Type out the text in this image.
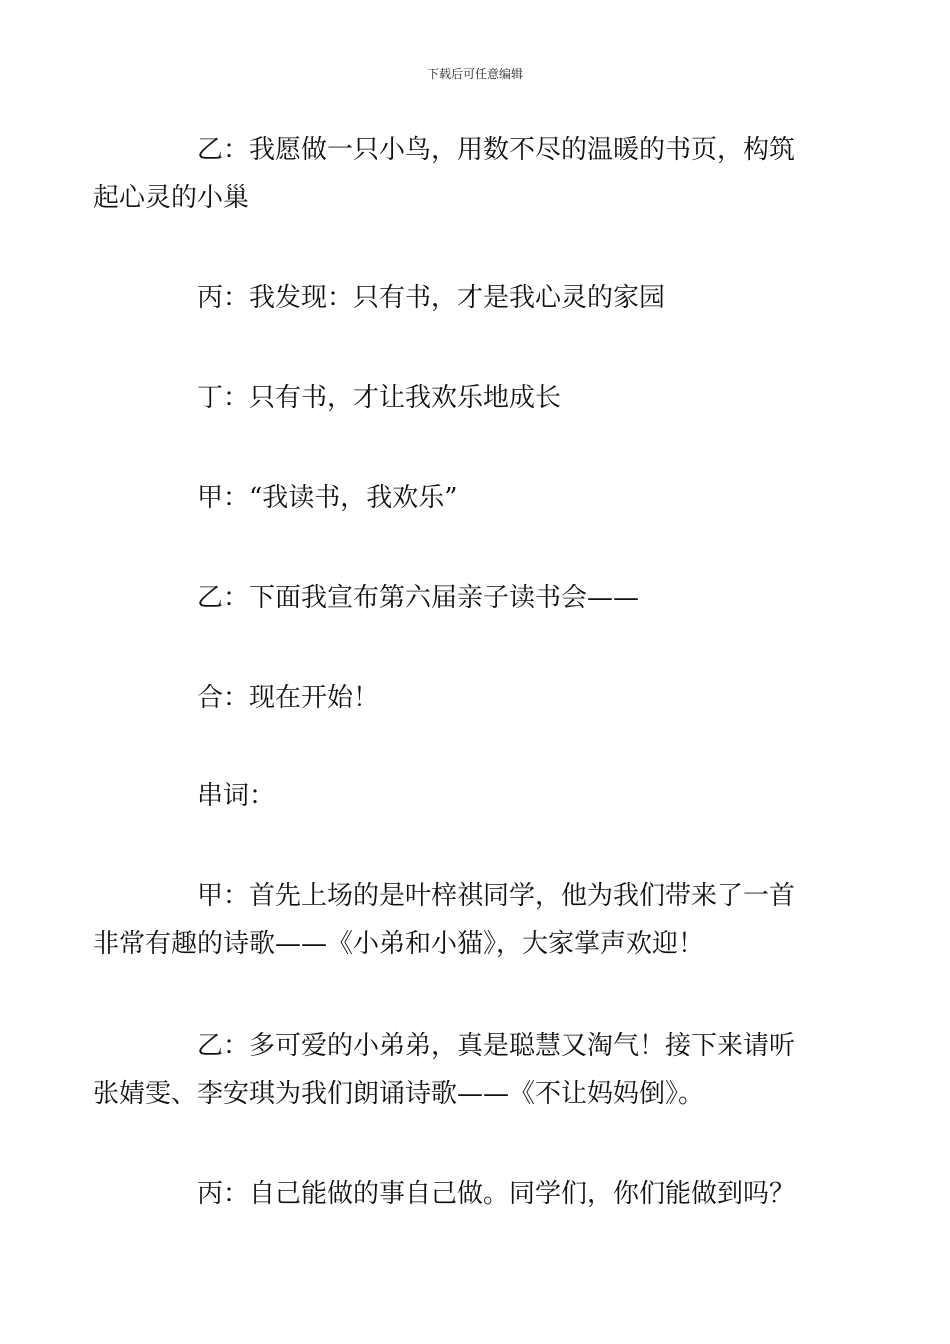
下载后可任意编辑
乙：我愿做一只小鸟，用数不尽的温暖的书页，构筑
起心灵的小巢
丙：我发现：只有书，才是我心灵的家园
丁：只有书，才让我欢乐地成长
甲：“我读书，我欢乐”
乙：下面我宣布第六届亲子读书会——
合：现在开始！
串词：
甲：首先上场的是叶梓祺同学，他为我们带来了一首
非常有趣的诗歌——《小弟和小猫》，大家掌声欢迎！
乙：多可爱的小弟弟，真是聪慧又淘气！接下来请听
张婧雯、李安琪为我们朗诵诗歌——《不让妈妈倒》。
丙：自己能做的事自己做。同学们，你们能做到吗？
